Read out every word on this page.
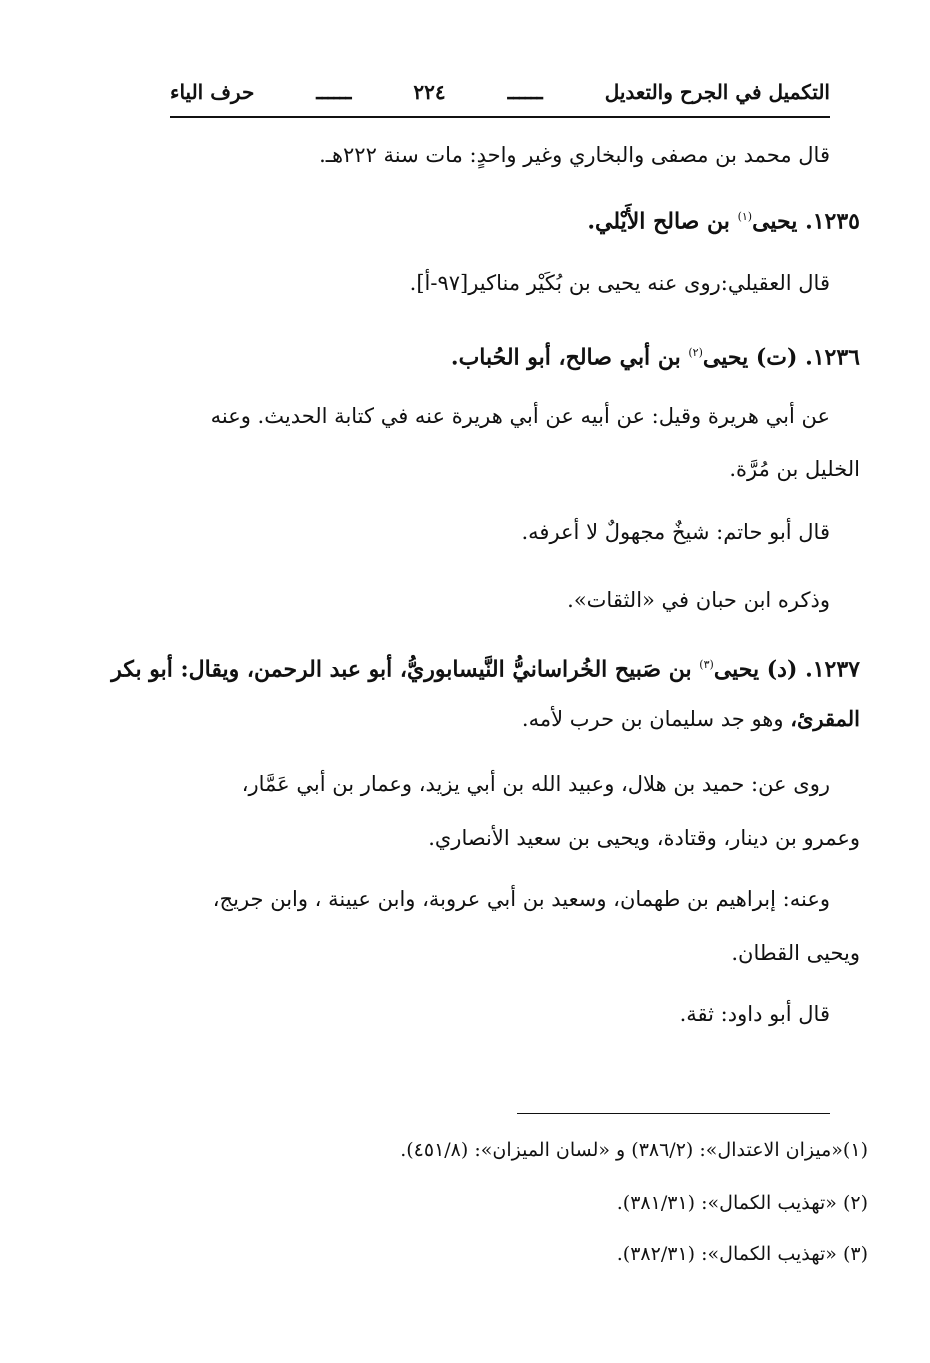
التكميل في الجرح والتعديل
ــــــ
٢٢٤
ــــــ
حرف الياء
قال محمد بن مصفى والبخاري وغير واحدٍ: مات سنة ٢٢٢هـ.
١٢٣٥. يحيى$^{(١)}$ بن صالح الأَيْلي.
قال العقيلي:روى عنه يحيى بن بُكَيْر مناكير[٩٧-أ].
١٢٣٦. (ت) يحيى$^{(٢)}$ بن أبي صالح، أبو الحُباب.
عن أبي هريرة وقيل: عن أبيه عن أبي هريرة عنه في كتابة الحديث. وعنه
الخليل بن مُرَّة.
قال أبو حاتم: شيخٌ مجهولٌ لا أعرفه.
وذكره ابن حبان في «الثقات».
١٢٣٧. (د) يحيى$^{(٣)}$ بن صَبيح الخُراسانيُّ النَّيسابوريُّ، أبو عبد الرحمن، ويقال: أبو بكر
المقرئ، وهو جد سليمان بن حرب لأمه.
روى عن: حميد بن هلال، وعبيد الله بن أبي يزيد، وعمار بن أبي عَمَّار،
وعمرو بن دينار، وقتادة، ويحيى بن سعيد الأنصاري.
وعنه: إبراهيم بن طهمان، وسعيد بن أبي عروبة، وابن عيينة ، وابن جريج،
ويحيى القطان.
قال أبو داود: ثقة.
(١)«ميزان الاعتدال»: (٣٨٦/٢) و «لسان الميزان»: (٤٥١/٨).
(٢) «تهذيب الكمال»: (٣٨١/٣١).
(٣) «تهذيب الكمال»: (٣٨٢/٣١).
